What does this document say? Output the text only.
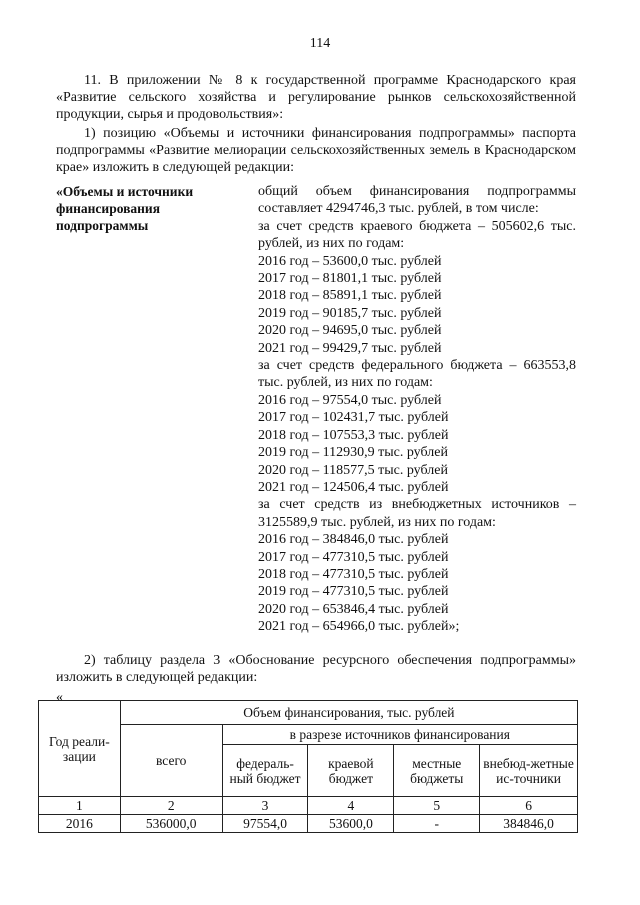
114

11. В приложении № 8 к государственной программе Краснодарского края «Развитие сельского хозяйства и регулирование рынков сельскохозяйственной продукции, сырья и продовольствия»:

1) позицию «Объемы и источники финансирования подпрограммы» паспорта подпрограммы «Развитие мелиорации сельскохозяйственных земель в Краснодарском крае» изложить в следующей редакции:

«Объемы и источники финансирования подпрограммы
общий объем финансирования подпрограммы составляет 4294746,3 тыс. рублей, в том числе:
за счет средств краевого бюджета – 505602,6 тыс. рублей, из них по годам:
2016 год – 53600,0 тыс. рублей
2017 год – 81801,1 тыс. рублей
2018 год – 85891,1 тыс. рублей
2019 год – 90185,7 тыс. рублей
2020 год – 94695,0 тыс. рублей
2021 год – 99429,7 тыс. рублей
за счет средств федерального бюджета – 663553,8 тыс. рублей, из них по годам:
2016 год – 97554,0 тыс. рублей
2017 год – 102431,7 тыс. рублей
2018 год – 107553,3 тыс. рублей
2019 год – 112930,9 тыс. рублей
2020 год – 118577,5 тыс. рублей
2021 год – 124506,4 тыс. рублей
за счет средств из внебюджетных источников – 3125589,9 тыс. рублей, из них по годам:
2016 год – 384846,0 тыс. рублей
2017 год – 477310,5 тыс. рублей
2018 год – 477310,5 тыс. рублей
2019 год – 477310,5 тыс. рублей
2020 год – 653846,4 тыс. рублей
2021 год – 654966,0 тыс. рублей»;

2) таблицу раздела 3 «Обоснование ресурсного обеспечения подпрограммы» изложить в следующей редакции:

«
Год реали-зации	Объем финансирования, тыс. рублей				
	всего	в разрезе источников финансирования			
		федераль-ный бюджет	краевой бюджет	местные бюджеты	внебюд-жетные ис-точники
1	2	3	4	5	6
2016	536000,0	97554,0	53600,0	-	384846,0
